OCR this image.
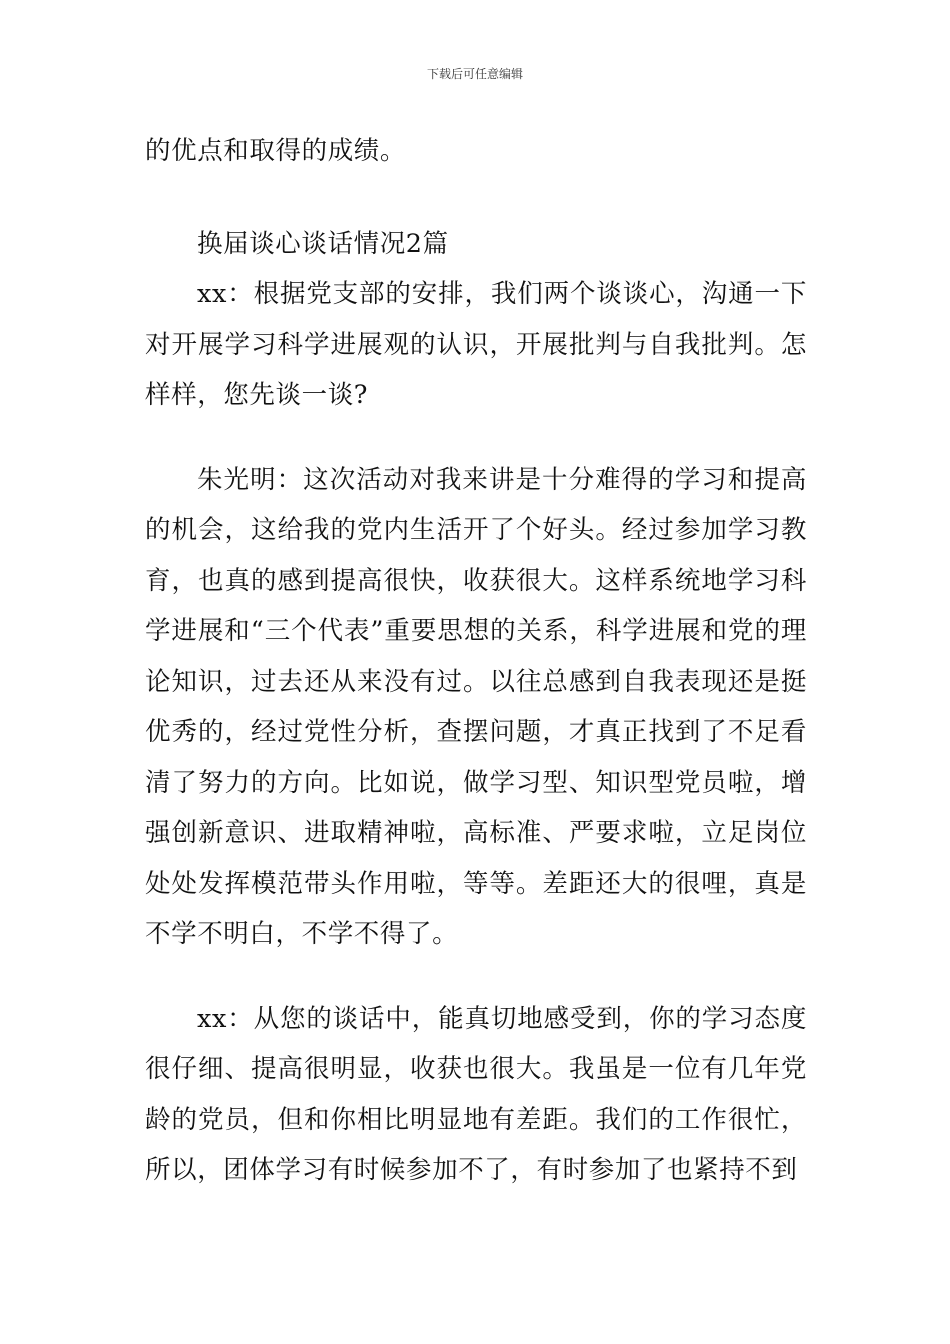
下载后可任意编辑

的优点和取得的成绩。

换届谈心谈话情况2篇

xx：根据党支部的安排，我们两个谈谈心，沟通一下对开展学习科学进展观的认识，开展批判与自我批判。怎样样，您先谈一谈?

朱光明：这次活动对我来讲是十分难得的学习和提高的机会，这给我的党内生活开了个好头。经过参加学习教育，也真的感到提高很快，收获很大。这样系统地学习科学进展和“三个代表”重要思想的关系，科学进展和党的理论知识，过去还从来没有过。以往总感到自我表现还是挺优秀的，经过党性分析，查摆问题，才真正找到了不足看清了努力的方向。比如说，做学习型、知识型党员啦，增强创新意识、进取精神啦，高标准、严要求啦，立足岗位处处发挥模范带头作用啦，等等。差距还大的很哩，真是不学不明白，不学不得了。

xx：从您的谈话中，能真切地感受到，你的学习态度很仔细、提高很明显，收获也很大。我虽是一位有几年党龄的党员，但和你相比明显地有差距。我们的工作很忙，所以，团体学习有时候参加不了，有时参加了也紧持不到
